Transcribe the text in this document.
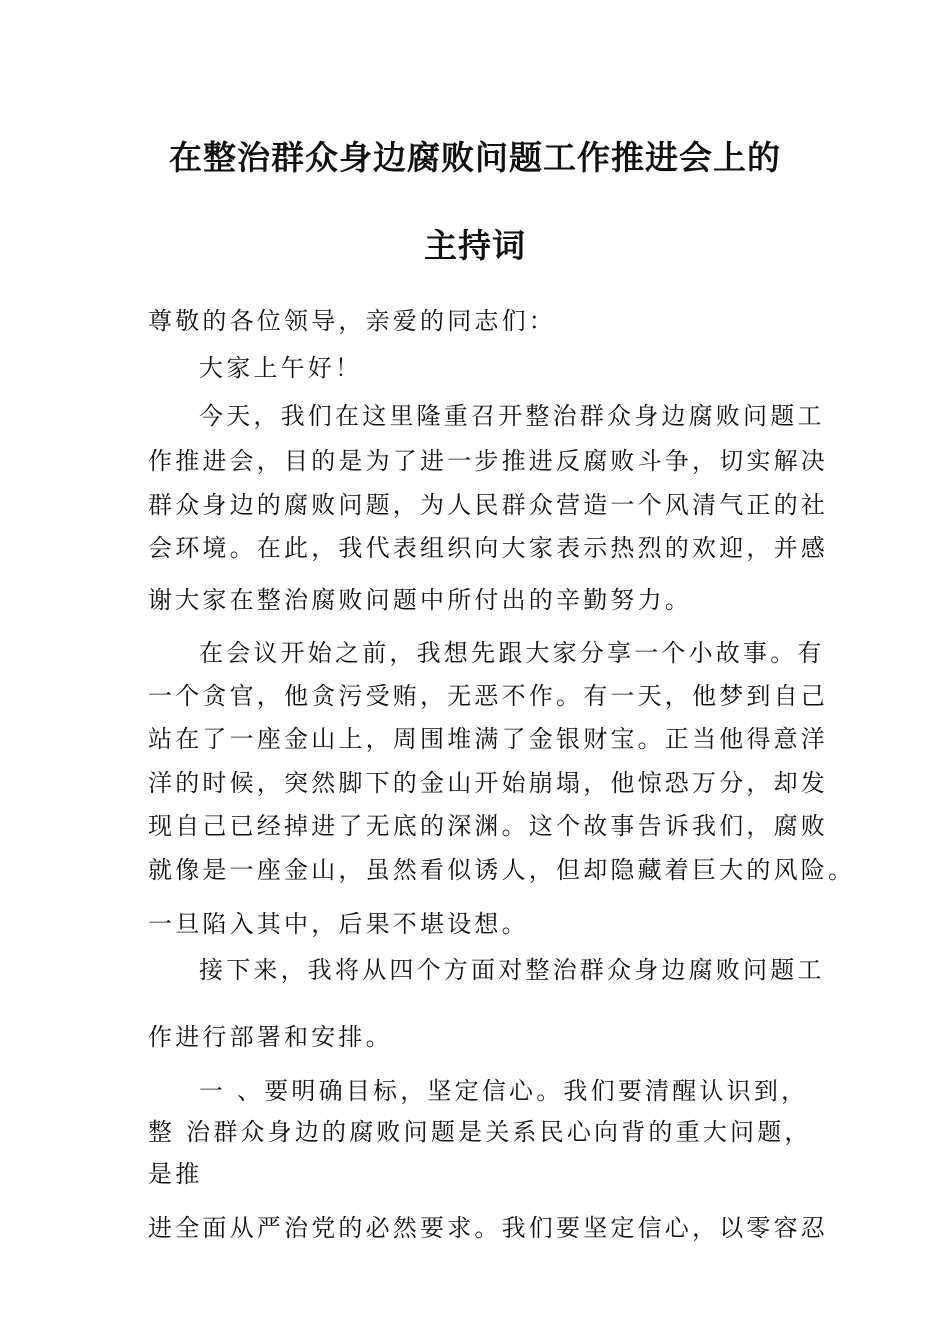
在整治群众身边腐败问题工作推进会上的
主持词

尊敬的各位领导，亲爱的同志们：

大家上午好！

今天，我们在这里隆重召开整治群众身边腐败问题工

作推进会，目的是为了进一步推进反腐败斗争，切实解决

群众身边的腐败问题，为人民群众营造一个风清气正的社

会环境。在此，我代表组织向大家表示热烈的欢迎，并感

谢大家在整治腐败问题中所付出的辛勤努力。

在会议开始之前，我想先跟大家分享一个小故事。有

一个贪官，他贪污受贿，无恶不作。有一天，他梦到自己

站在了一座金山上，周围堆满了金银财宝。正当他得意洋

洋的时候，突然脚下的金山开始崩塌，他惊恐万分，却发

现自己已经掉进了无底的深渊。这个故事告诉我们，腐败

就像是一座金山，虽然看似诱人，但却隐藏着巨大的风险。

一旦陷入其中，后果不堪设想。

接下来，我将从四个方面对整治群众身边腐败问题工

作进行部署和安排。

一 、要明确目标，坚定信心。我们要清醒认识到，

整 治群众身边的腐败问题是关系民心向背的重大问题，

是推

进全面从严治党的必然要求。我们要坚定信心，以零容忍
